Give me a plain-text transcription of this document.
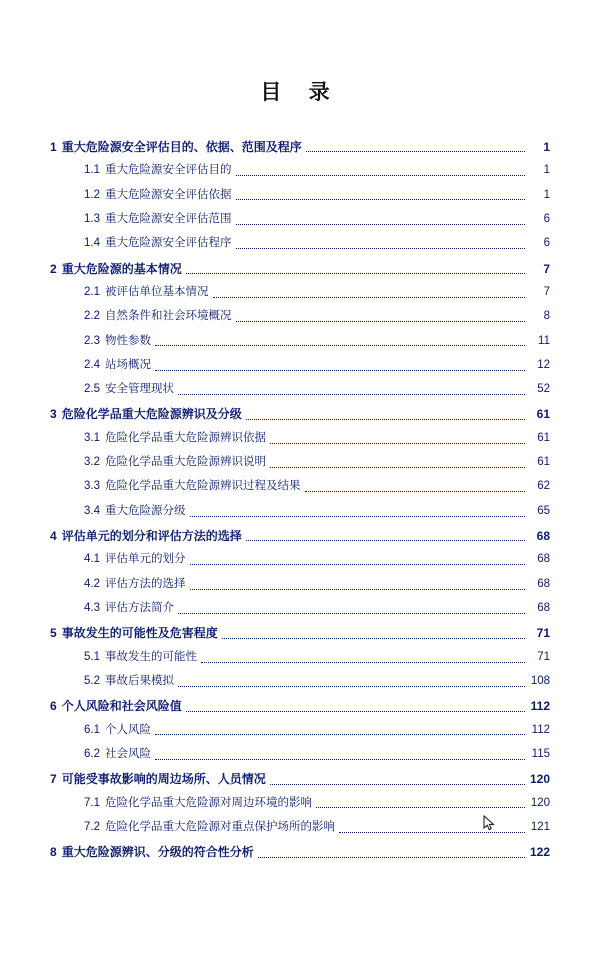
目 录
1 重大危险源安全评估目的、依据、范围及程序	1
1.1 重大危险源安全评估目的	1
1.2 重大危险源安全评估依据	1
1.3 重大危险源安全评估范围	6
1.4 重大危险源安全评估程序	6
2 重大危险源的基本情况	7
2.1 被评估单位基本情况	7
2.2 自然条件和社会环境概况	8
2.3 物性参数	11
2.4 站场概况	12
2.5 安全管理现状	52
3 危险化学品重大危险源辨识及分级	61
3.1 危险化学品重大危险源辨识依据	61
3.2 危险化学品重大危险源辨识说明	61
3.3 危险化学品重大危险源辨识过程及结果	62
3.4 重大危险源分级	65
4 评估单元的划分和评估方法的选择	68
4.1 评估单元的划分	68
4.2 评估方法的选择	68
4.3 评估方法简介	68
5 事故发生的可能性及危害程度	71
5.1 事故发生的可能性	71
5.2 事故后果模拟	108
6 个人风险和社会风险值	112
6.1 个人风险	112
6.2 社会风险	115
7 可能受事故影响的周边场所、人员情况	120
7.1 危险化学品重大危险源对周边环境的影响	120
7.2 危险化学品重大危险源对重点保护场所的影响	121
8 重大危险源辨识、分级的符合性分析	122
